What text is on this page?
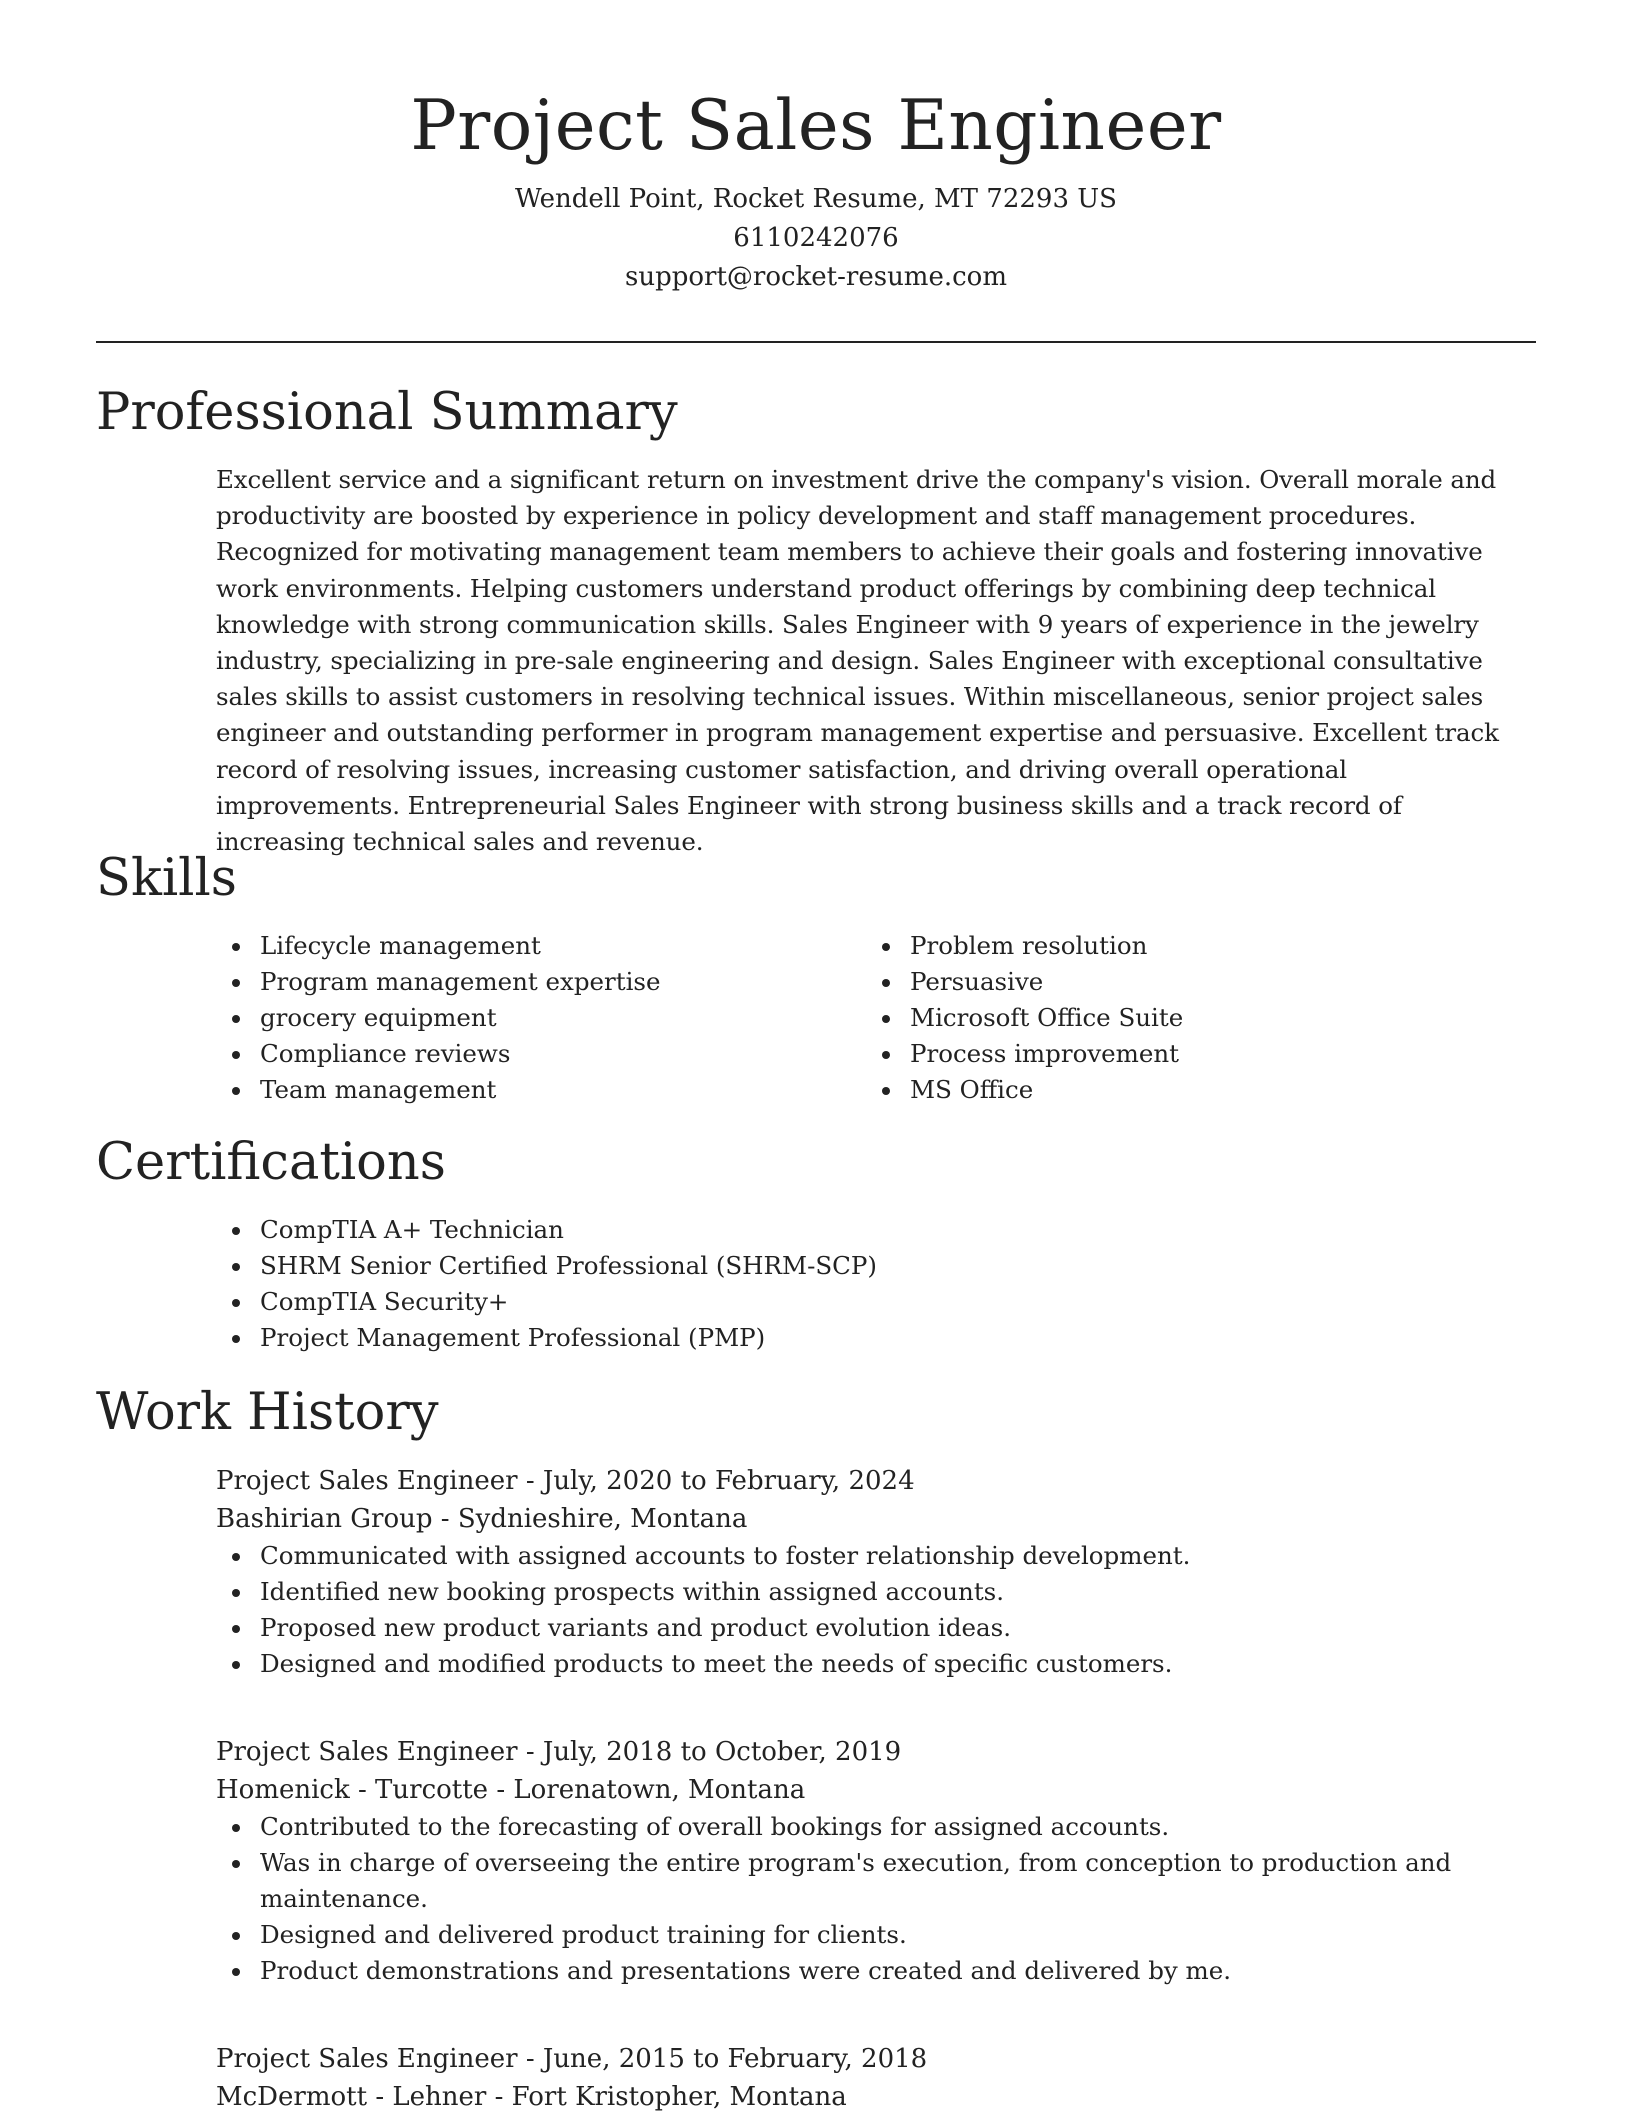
Project Sales Engineer
Wendell Point, Rocket Resume, MT 72293 US
6110242076
support@rocket-resume.com
Professional Summary

Excellent service and a significant return on investment drive the company's vision. Overall morale and productivity are boosted by experience in policy development and staff management procedures. Recognized for motivating management team members to achieve their goals and fostering innovative work environments. Helping customers understand product offerings by combining deep technical knowledge with strong communication skills. Sales Engineer with 9 years of experience in the jewelry industry, specializing in pre-sale engineering and design. Sales Engineer with exceptional consultative sales skills to assist customers in resolving technical issues. Within miscellaneous, senior project sales engineer and outstanding performer in program management expertise and persuasive. Excellent track record of resolving issues, increasing customer satisfaction, and driving overall operational improvements. Entrepreneurial Sales Engineer with strong business skills and a track record of increasing technical sales and revenue.

Skills
Lifecycle management
Program management expertise
grocery equipment
Compliance reviews
Team management
Problem resolution
Persuasive
Microsoft Office Suite
Process improvement
MS Office
Certifications
CompTIA A+ Technician
SHRM Senior Certified Professional (SHRM-SCP)
CompTIA Security+
Project Management Professional (PMP)
Work History
Project Sales Engineer - July, 2020 to February, 2024
Bashirian Group - Sydnieshire, Montana
Communicated with assigned accounts to foster relationship development.
Identified new booking prospects within assigned accounts.
Proposed new product variants and product evolution ideas.
Designed and modified products to meet the needs of specific customers.
Project Sales Engineer - July, 2018 to October, 2019
Homenick - Turcotte - Lorenatown, Montana
Contributed to the forecasting of overall bookings for assigned accounts.
Was in charge of overseeing the entire program's execution, from conception to production and maintenance.
Designed and delivered product training for clients.
Product demonstrations and presentations were created and delivered by me.
Project Sales Engineer - June, 2015 to February, 2018
McDermott - Lehner - Fort Kristopher, Montana
